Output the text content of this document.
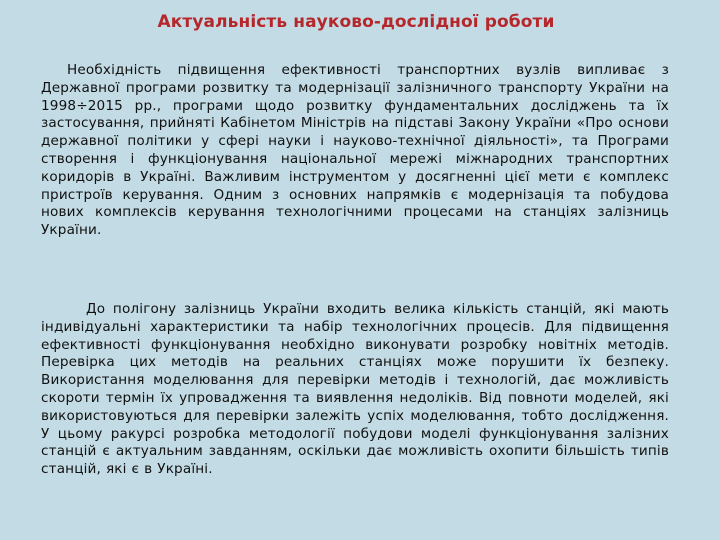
Актуальність науково-дослідної роботи

Необхідність підвищення ефективності транспортних вузлів випливає з Державної програми розвитку та модернізації залізничного транспорту України на 1998÷2015 рр., програми щодо розвитку фундаментальних досліджень та їх застосування, прийняті Кабінетом Міністрів на підставі Закону України «Про основи державної політики у сфері науки і науково-технічної діяльності», та Програми створення і функціонування національної мережі міжнародних транспортних коридорів в Україні. Важливим інструментом у досягненні цієї мети є комплекс пристроїв керування. Одним з основних напрямків є модернізація та побудова нових комплексів керування технологічними процесами на станціях залізниць України.

До полігону залізниць України входить велика кількість станцій, які мають індивідуальні характеристики та набір технологічних процесів. Для підвищення ефективності функціонування необхідно виконувати розробку новітніх методів. Перевірка цих методів на реальних станціях може порушити їх безпеку. Використання моделювання для перевірки методів і технологій, дає можливість скороти термін їх упровадження та виявлення недоліків. Від повноти моделей, які використовуються для перевірки залежіть успіх моделювання, тобто дослідження. У цьому ракурсі розробка методології побудови моделі функціонування залізних станцій є актуальним завданням, оскільки дає можливість охопити більшість типів станцій, які є в Україні.
